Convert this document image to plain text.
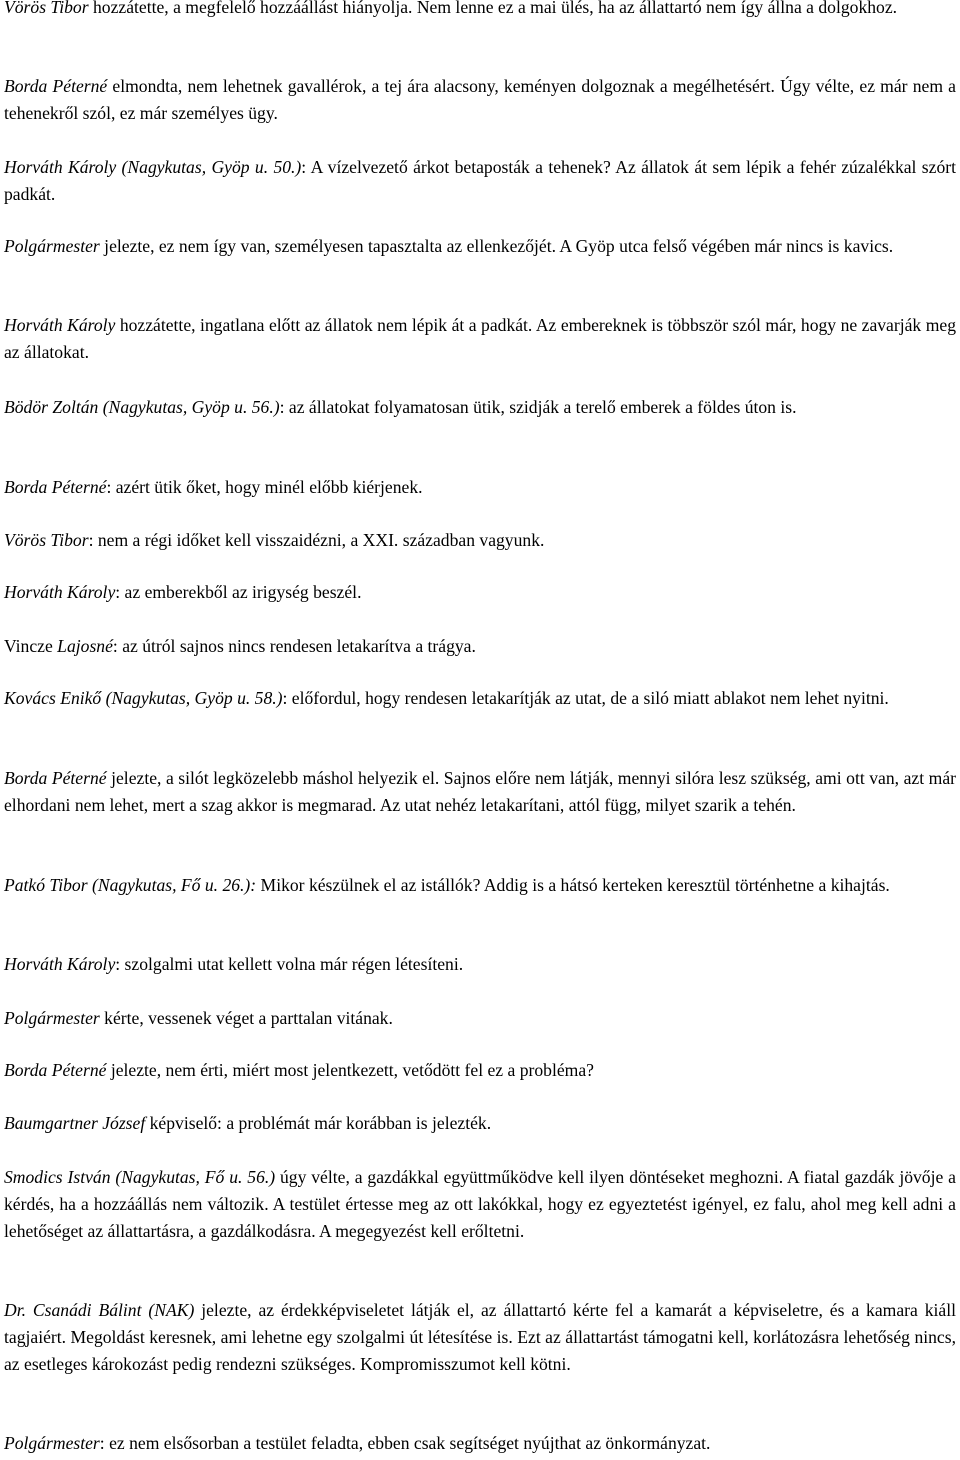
Vörös Tibor hozzátette, a megfelelő hozzáállást hiányolja. Nem lenne ez a mai ülés, ha az állattartó nem így állna a dolgokhoz.

Borda Péterné elmondta, nem lehetnek gavallérok, a tej ára alacsony, keményen dolgoznak a megélhetésért. Úgy vélte, ez már nem a tehenekről szól, ez már személyes ügy.

Horváth Károly (Nagykutas, Gyöp u. 50.): A vízelvezető árkot betaposták a tehenek? Az állatok át sem lépik a fehér zúzalékkal szórt padkát.

Polgármester jelezte, ez nem így van, személyesen tapasztalta az ellenkezőjét. A Gyöp utca felső végében már nincs is kavics.

Horváth Károly hozzátette, ingatlana előtt az állatok nem lépik át a padkát. Az embereknek is többször szól már, hogy ne zavarják meg az állatokat.

Bödör Zoltán (Nagykutas, Gyöp u. 56.): az állatokat folyamatosan ütik, szidják a terelő emberek a földes úton is.

Borda Péterné: azért ütik őket, hogy minél előbb kiérjenek.

Vörös Tibor: nem a régi időket kell visszaidézni, a XXI. században vagyunk.

Horváth Károly: az emberekből az irigység beszél.

Vincze Lajosné: az útról sajnos nincs rendesen letakarítva a trágya.

Kovács Enikő (Nagykutas, Gyöp u. 58.): előfordul, hogy rendesen letakarítják az utat, de a siló miatt ablakot nem lehet nyitni.

Borda Péterné jelezte, a silót legközelebb máshol helyezik el. Sajnos előre nem látják, mennyi silóra lesz szükség, ami ott van, azt már elhordani nem lehet, mert a szag akkor is megmarad. Az utat nehéz letakarítani, attól függ, milyet szarik a tehén.

Patkó Tibor (Nagykutas, Fő u. 26.): Mikor készülnek el az istállók? Addig is a hátsó kerteken keresztül történhetne a kihajtás.

Horváth Károly: szolgalmi utat kellett volna már régen létesíteni.

Polgármester kérte, vessenek véget a parttalan vitának.

Borda Péterné jelezte, nem érti, miért most jelentkezett, vetődött fel ez a probléma?

Baumgartner József képviselő: a problémát már korábban is jelezték.

Smodics István (Nagykutas, Fő u. 56.) úgy vélte, a gazdákkal együttműködve kell ilyen döntéseket meghozni. A fiatal gazdák jövője a kérdés, ha a hozzáállás nem változik. A testület értesse meg az ott lakókkal, hogy ez egyeztetést igényel, ez falu, ahol meg kell adni a lehetőséget az állattartásra, a gazdálkodásra. A megegyezést kell erőltetni.

Dr. Csanádi Bálint (NAK) jelezte, az érdekképviseletet látják el, az állattartó kérte fel a kamarát a képviseletre, és a kamara kiáll tagjaiért. Megoldást keresnek, ami lehetne egy szolgalmi út létesítése is. Ezt az állattartást támogatni kell, korlátozásra lehetőség nincs, az esetleges károkozást pedig rendezni szükséges. Kompromisszumot kell kötni.

Polgármester: ez nem elsősorban a testület feladta, ebben csak segítséget nyújthat az önkormányzat.
